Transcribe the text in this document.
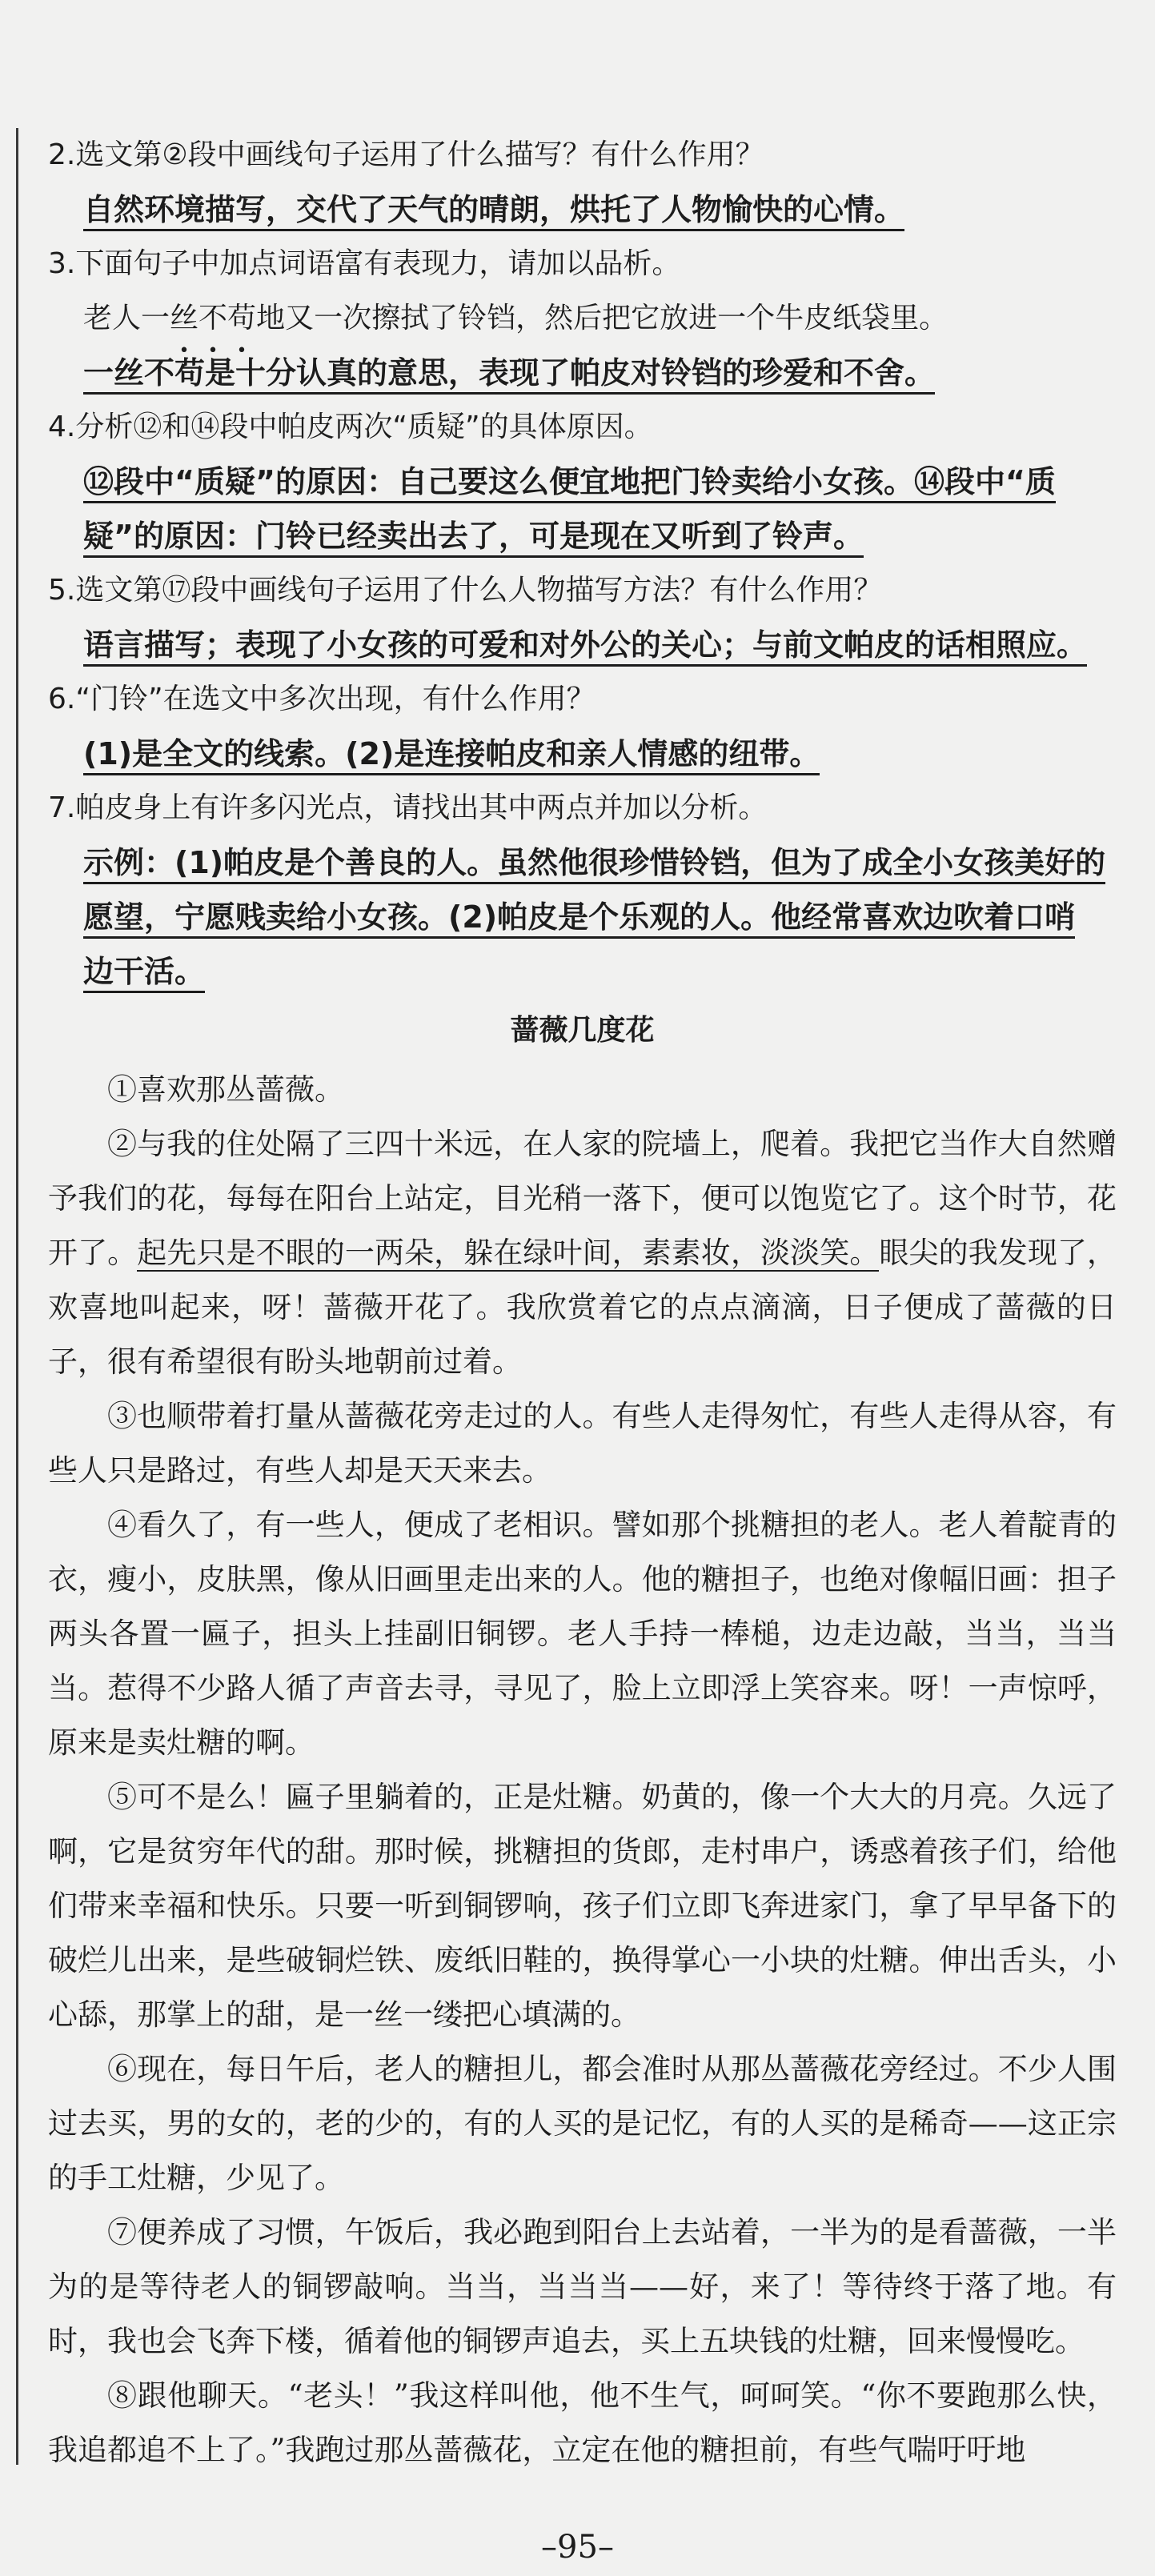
2.选文第②段中画线句子运用了什么描写？有什么作用？
自然环境描写，交代了天气的晴朗，烘托了人物愉快的心情。
3.下面句子中加点词语富有表现力，请加以品析。
老人一丝不苟地又一次擦拭了铃铛，然后把它放进一个牛皮纸袋里。
一丝不苟是十分认真的意思，表现了帕皮对铃铛的珍爱和不舍。
4.分析⑫和⑭段中帕皮两次“质疑”的具体原因。
⑫段中“质疑”的原因：自己要这么便宜地把门铃卖给小女孩。⑭段中“质
疑”的原因：门铃已经卖出去了，可是现在又听到了铃声。
5.选文第⑰段中画线句子运用了什么人物描写方法？有什么作用？
语言描写；表现了小女孩的可爱和对外公的关心；与前文帕皮的话相照应。
6.“门铃”在选文中多次出现，有什么作用？
(1)是全文的线索。(2)是连接帕皮和亲人情感的纽带。
7.帕皮身上有许多闪光点，请找出其中两点并加以分析。
示例：(1)帕皮是个善良的人。虽然他很珍惜铃铛，但为了成全小女孩美好的
愿望，宁愿贱卖给小女孩。(2)帕皮是个乐观的人。他经常喜欢边吹着口哨
边干活。
蔷薇几度花

①喜欢那丛蔷薇。

②与我的住处隔了三四十米远，在人家的院墙上，爬着。我把它当作大自然赠予我们的花，每每在阳台上站定，目光稍一落下，便可以饱览它了。这个时节，花开了。起先只是不眼的一两朵，躲在绿叶间，素素妆，淡淡笑。眼尖的我发现了，欢喜地叫起来，呀！蔷薇开花了。我欣赏着它的点点滴滴，日子便成了蔷薇的日子，很有希望很有盼头地朝前过着。

③也顺带着打量从蔷薇花旁走过的人。有些人走得匆忙，有些人走得从容，有些人只是路过，有些人却是天天来去。

④看久了，有一些人，便成了老相识。譬如那个挑糖担的老人。老人着靛青的衣，瘦小，皮肤黑，像从旧画里走出来的人。他的糖担子，也绝对像幅旧画：担子两头各置一匾子，担头上挂副旧铜锣。老人手持一棒槌，边走边敲，当当，当当当。惹得不少路人循了声音去寻，寻见了，脸上立即浮上笑容来。呀！一声惊呼，原来是卖灶糖的啊。

⑤可不是么！匾子里躺着的，正是灶糖。奶黄的，像一个大大的月亮。久远了啊，它是贫穷年代的甜。那时候，挑糖担的货郎，走村串户，诱惑着孩子们，给他们带来幸福和快乐。只要一听到铜锣响，孩子们立即飞奔进家门，拿了早早备下的破烂儿出来，是些破铜烂铁、废纸旧鞋的，换得掌心一小块的灶糖。伸出舌头，小心舔，那掌上的甜，是一丝一缕把心填满的。

⑥现在，每日午后，老人的糖担儿，都会准时从那丛蔷薇花旁经过。不少人围过去买，男的女的，老的少的，有的人买的是记忆，有的人买的是稀奇——这正宗的手工灶糖，少见了。

⑦便养成了习惯，午饭后，我必跑到阳台上去站着，一半为的是看蔷薇，一半为的是等待老人的铜锣敲响。当当，当当当——好，来了！等待终于落了地。有时，我也会飞奔下楼，循着他的铜锣声追去，买上五块钱的灶糖，回来慢慢吃。

⑧跟他聊天。“老头！”我这样叫他，他不生气，呵呵笑。“你不要跑那么快，我追都追不上了。”我跑过那丛蔷薇花，立定在他的糖担前，有些气喘吁吁地

–95–
